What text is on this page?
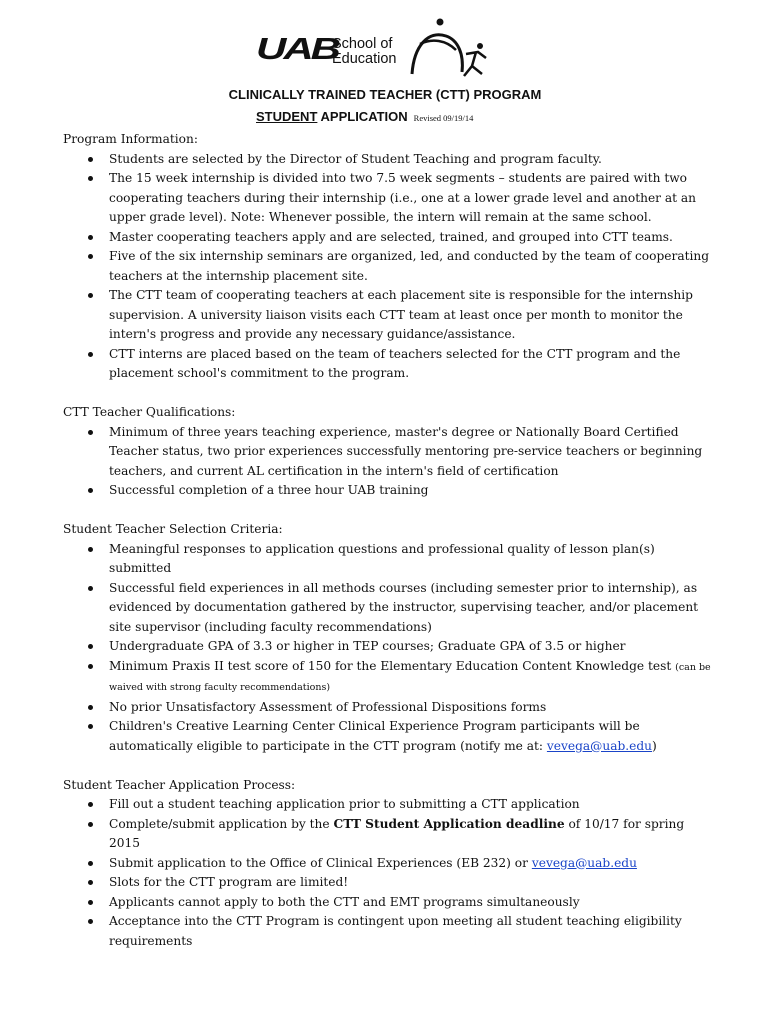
UAB
School of
Education
CLINICALLY TRAINED TEACHER (CTT) PROGRAM
STUDENT APPLICATION Revised 09/19/14

Program Information:

Students are selected by the Director of Student Teaching and program faculty.
The 15 week internship is divided into two 7.5 week segments – students are paired with two cooperating teachers during their internship (i.e., one at a lower grade level and another at an upper grade level). Note: Whenever possible, the intern will remain at the same school.
Master cooperating teachers apply and are selected, trained, and grouped into CTT teams.
Five of the six internship seminars are organized, led, and conducted by the team of cooperating teachers at the internship placement site.
The CTT team of cooperating teachers at each placement site is responsible for the internship supervision. A university liaison visits each CTT team at least once per month to monitor the intern's progress and provide any necessary guidance/assistance.
CTT interns are placed based on the team of teachers selected for the CTT program and the placement school's commitment to the program.

CTT Teacher Qualifications:

Minimum of three years teaching experience, master's degree or Nationally Board Certified Teacher status, two prior experiences successfully mentoring pre-service teachers or beginning teachers, and current AL certification in the intern's field of certification
Successful completion of a three hour UAB training

Student Teacher Selection Criteria:

Meaningful responses to application questions and professional quality of lesson plan(s) submitted
Successful field experiences in all methods courses (including semester prior to internship), as evidenced by documentation gathered by the instructor, supervising teacher, and/or placement site supervisor (including faculty recommendations)
Undergraduate GPA of 3.3 or higher in TEP courses; Graduate GPA of 3.5 or higher
Minimum Praxis II test score of 150 for the Elementary Education Content Knowledge test (can be waived with strong faculty recommendations)
No prior Unsatisfactory Assessment of Professional Dispositions forms
Children's Creative Learning Center Clinical Experience Program participants will be automatically eligible to participate in the CTT program (notify me at: vevega@uab.edu)

Student Teacher Application Process:

Fill out a student teaching application prior to submitting a CTT application
Complete/submit application by the CTT Student Application deadline of 10/17 for spring 2015
Submit application to the Office of Clinical Experiences (EB 232) or vevega@uab.edu
Slots for the CTT program are limited!
Applicants cannot apply to both the CTT and EMT programs simultaneously
Acceptance into the CTT Program is contingent upon meeting all student teaching eligibility requirements
